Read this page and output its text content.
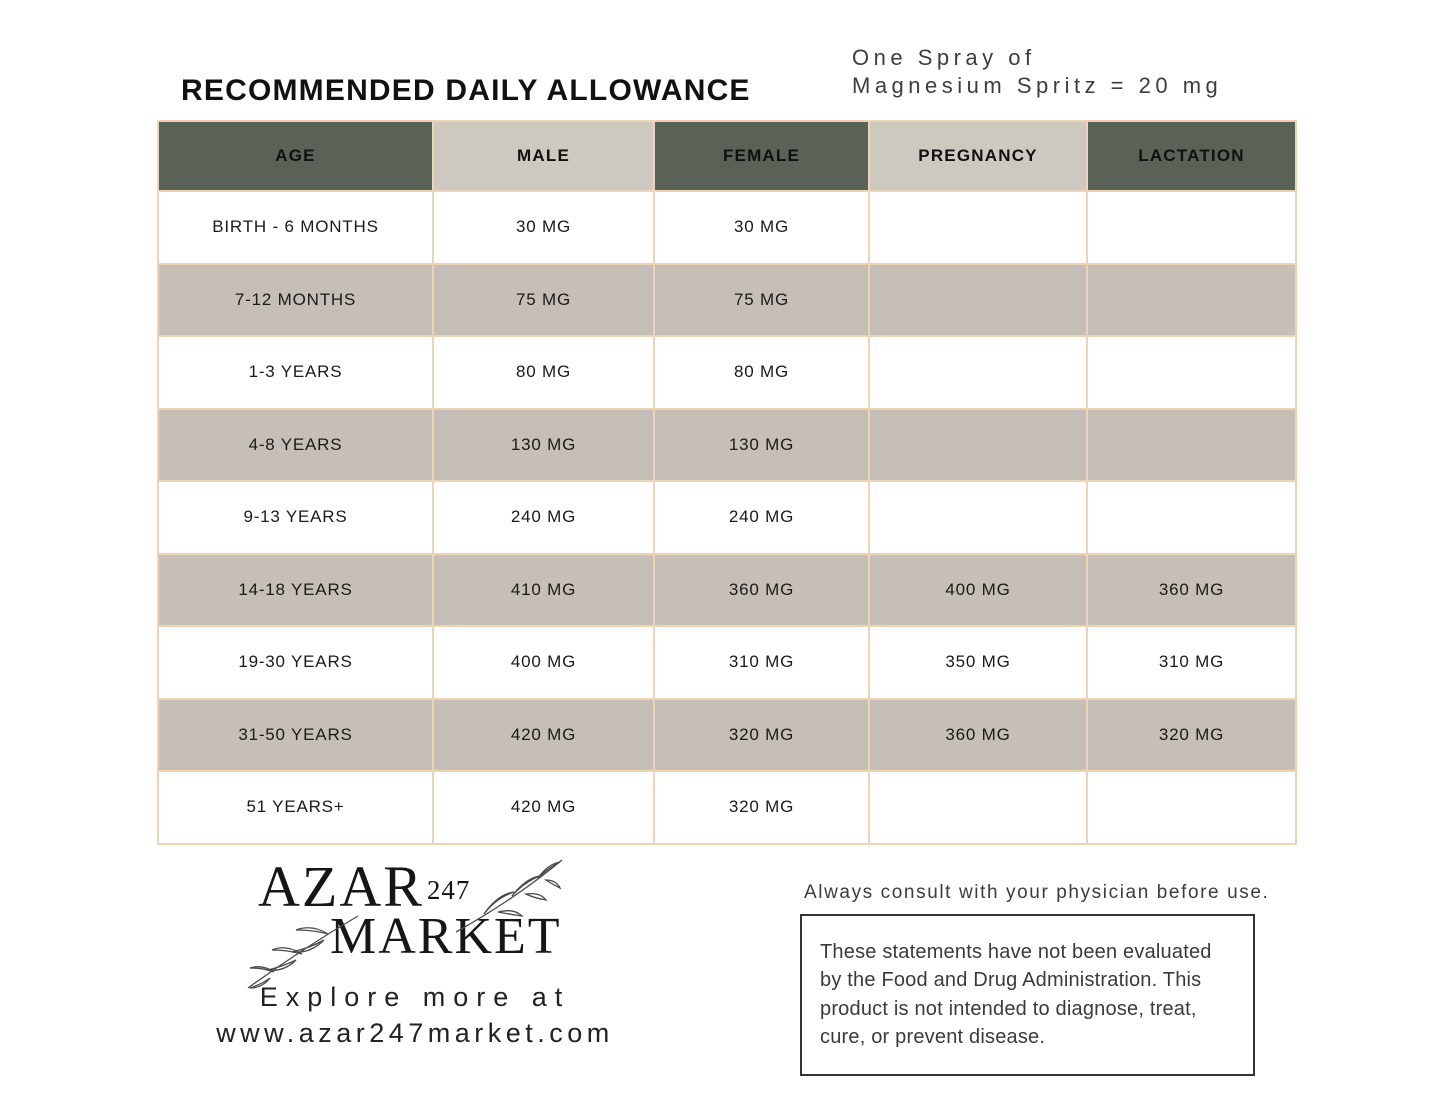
RECOMMENDED DAILY ALLOWANCE
One Spray of
Magnesium Spritz = 20 mg
AGE	MALE	FEMALE	PREGNANCY	LACTATION
BIRTH - 6 MONTHS	30 MG	30 MG		
7-12 MONTHS	75 MG	75 MG		
1-3 YEARS	80 MG	80 MG		
4-8 YEARS	130 MG	130 MG		
9-13 YEARS	240 MG	240 MG		
14-18 YEARS	410 MG	360 MG	400 MG	360 MG
19-30 YEARS	400 MG	310 MG	350 MG	310 MG
31-50 YEARS	420 MG	320 MG	360 MG	320 MG
51 YEARS+	420 MG	320 MG		
AZAR 247
MARKET
Explore more at
www.azar247market.com
Always consult with your physician before use.
These statements have not been evaluated by the Food and Drug Administration. This product is not intended to diagnose, treat, cure, or prevent disease.
